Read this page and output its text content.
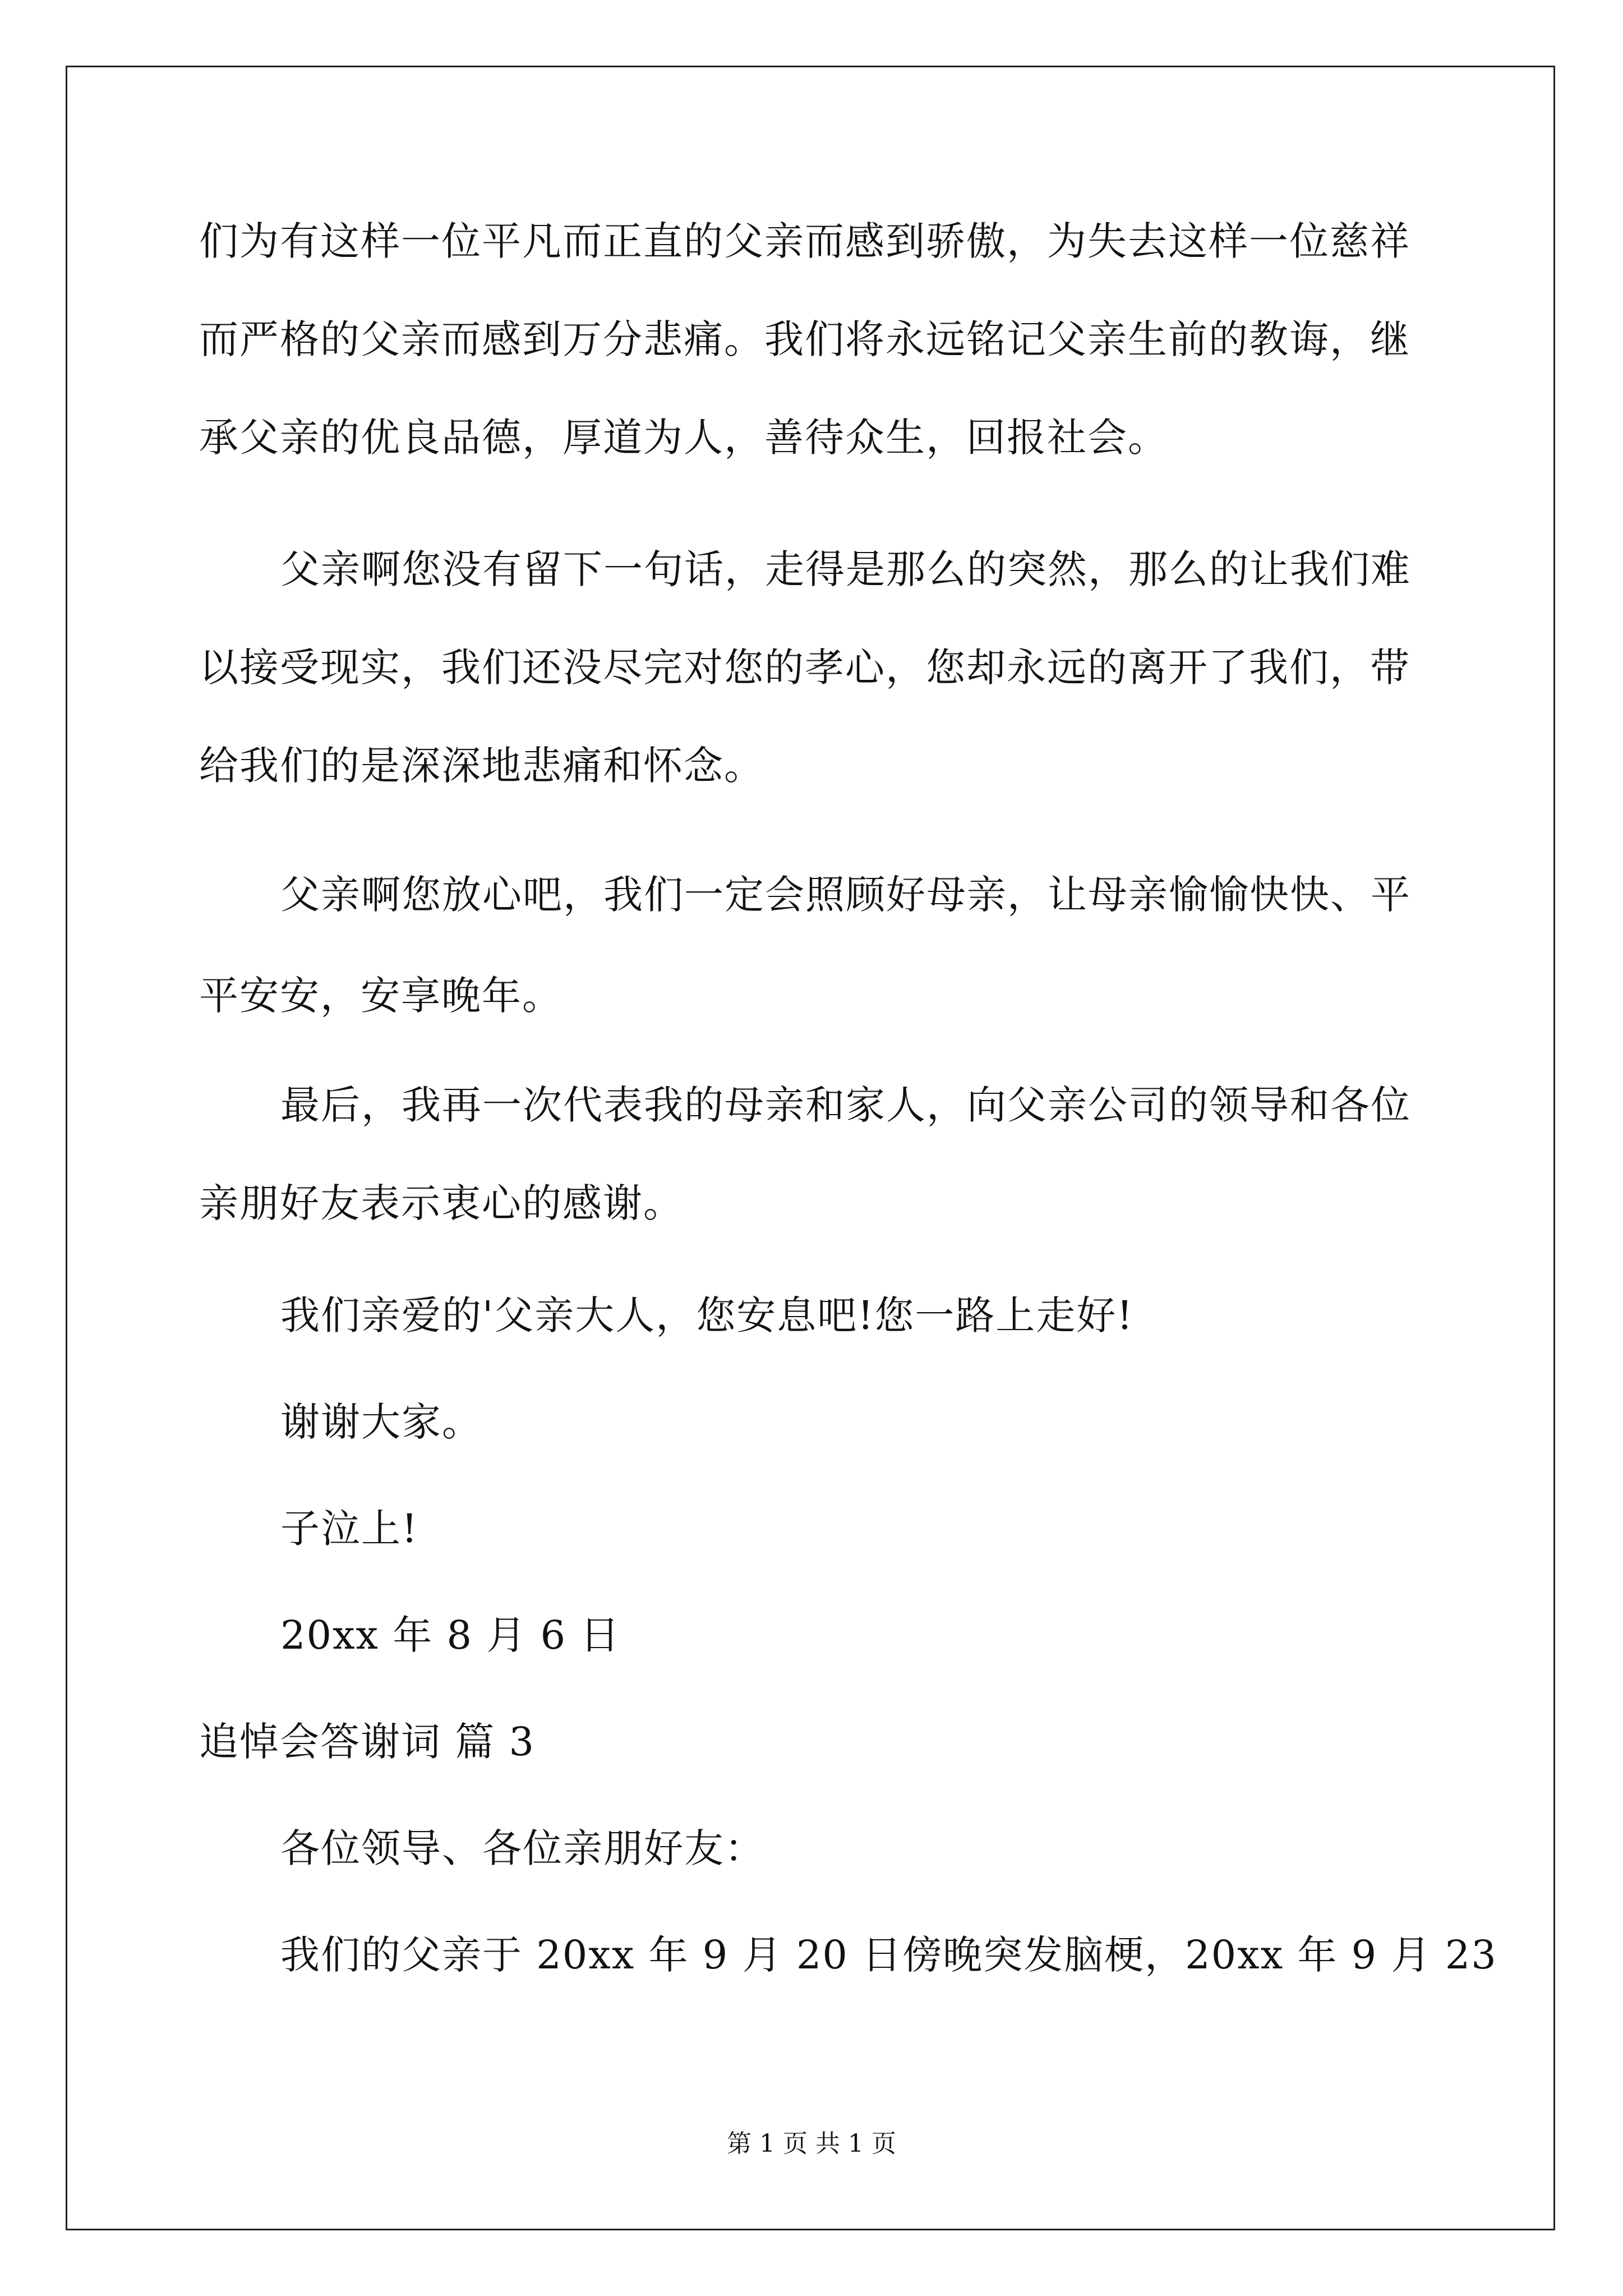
们为有这样一位平凡而正直的父亲而感到骄傲，为失去这样一位慈祥
而严格的父亲而感到万分悲痛。我们将永远铭记父亲生前的教诲，继
承父亲的优良品德，厚道为人，善待众生，回报社会。
父亲啊您没有留下一句话，走得是那么的突然，那么的让我们难
以接受现实，我们还没尽完对您的孝心，您却永远的离开了我们，带
给我们的是深深地悲痛和怀念。
父亲啊您放心吧，我们一定会照顾好母亲，让母亲愉愉快快、平
平安安，安享晚年。
最后，我再一次代表我的母亲和家人，向父亲公司的领导和各位
亲朋好友表示衷心的感谢。
我们亲爱的'父亲大人，您安息吧!您一路上走好!
谢谢大家。
子泣上!
20xx 年 8 月 6 日
追悼会答谢词 篇 3
各位领导、各位亲朋好友：
我们的父亲于 20xx 年 9 月 20 日傍晚突发脑梗，20xx 年 9 月 23
第 1 页 共 1 页
